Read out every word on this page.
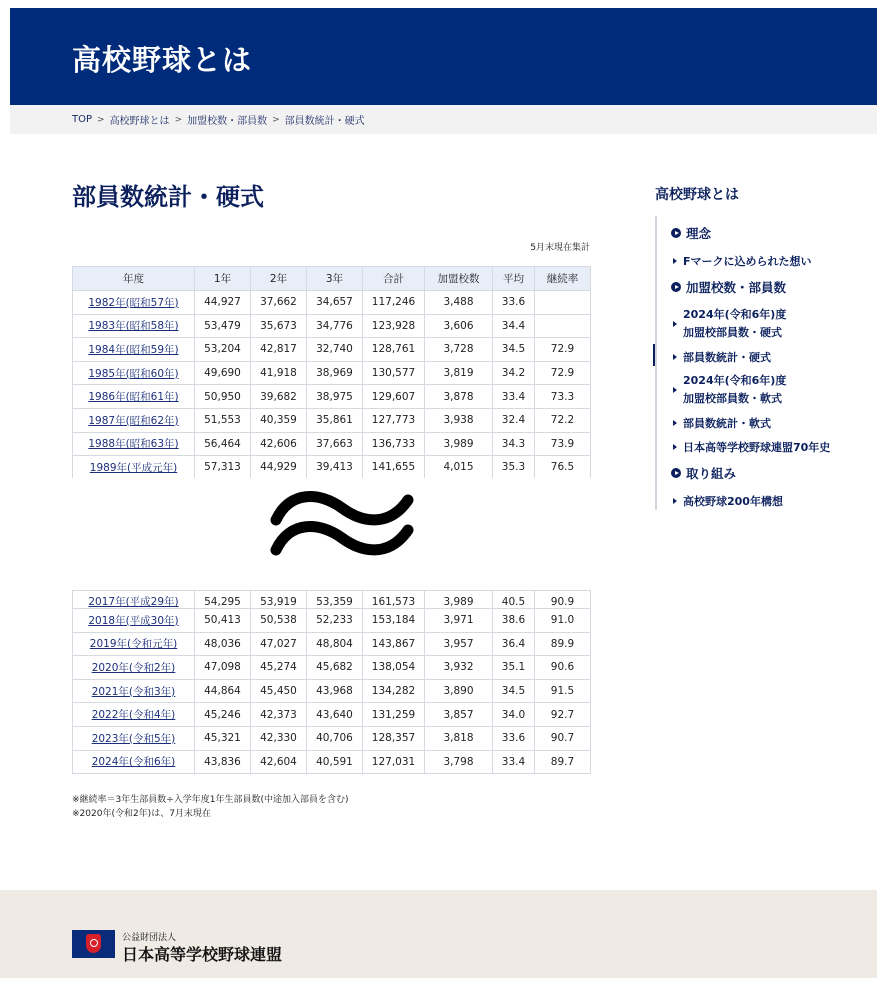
高校野球とは
TOP > 高校野球とは > 加盟校数・部員数 > 部員数統計・硬式
部員数統計・硬式
5月末現在集計
年度	1年	2年	3年	合計	加盟校数	平均	継続率
1982年(昭和57年)	44,927	37,662	34,657	117,246	3,488	33.6	
1983年(昭和58年)	53,479	35,673	34,776	123,928	3,606	34.4	
1984年(昭和59年)	53,204	42,817	32,740	128,761	3,728	34.5	72.9
1985年(昭和60年)	49,690	41,918	38,969	130,577	3,819	34.2	72.9
1986年(昭和61年)	50,950	39,682	38,975	129,607	3,878	33.4	73.3
1987年(昭和62年)	51,553	40,359	35,861	127,773	3,938	32.4	72.2
1988年(昭和63年)	56,464	42,606	37,663	136,733	3,989	34.3	73.9
1989年(平成元年)	57,313	44,929	39,413	141,655	4,015	35.3	76.5
2017年(平成29年)	54,295	53,919	53,359	161,573	3,989	40.5	90.9
2018年(平成30年)	50,413	50,538	52,233	153,184	3,971	38.6	91.0
2019年(令和元年)	48,036	47,027	48,804	143,867	3,957	36.4	89.9
2020年(令和2年)	47,098	45,274	45,682	138,054	3,932	35.1	90.6
2021年(令和3年)	44,864	45,450	43,968	134,282	3,890	34.5	91.5
2022年(令和4年)	45,246	42,373	43,640	131,259	3,857	34.0	92.7
2023年(令和5年)	45,321	42,330	40,706	128,357	3,818	33.6	90.7
2024年(令和6年)	43,836	42,604	40,591	127,031	3,798	33.4	89.7
※継続率＝3年生部員数÷入学年度1年生部員数(中途加入部員を含む)
※2020年(令和2年)は、7月末現在
高校野球とは
理念
Fマークに込められた想い
加盟校数・部員数
2024年(令和6年)度
加盟校部員数・硬式
部員数統計・硬式
2024年(令和6年)度
加盟校部員数・軟式
部員数統計・軟式
日本高等学校野球連盟70年史
取り組み
高校野球200年構想
公益財団法人
日本高等学校野球連盟
